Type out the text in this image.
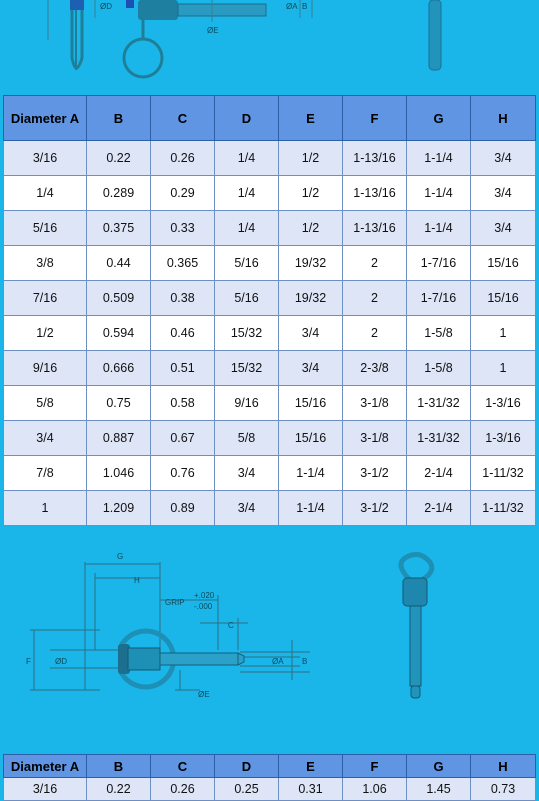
ØD
ØE
ØA B
Diameter A	B	C	D	E	F	G	H
3/16	0.22	0.26	1/4	1/2	1-13/16	1-1/4	3/4
1/4	0.289	0.29	1/4	1/2	1-13/16	1-1/4	3/4
5/16	0.375	0.33	1/4	1/2	1-13/16	1-1/4	3/4
3/8	0.44	0.365	5/16	19/32	2	1-7/16	15/16
7/16	0.509	0.38	5/16	19/32	2	1-7/16	15/16
1/2	0.594	0.46	15/32	3/4	2	1-5/8	1
9/16	0.666	0.51	15/32	3/4	2-3/8	1-5/8	1
5/8	0.75	0.58	9/16	15/16	3-1/8	1-31/32	1-3/16
3/4	0.887	0.67	5/8	15/16	3-1/8	1-31/32	1-3/16
7/8	1.046	0.76	3/4	1-1/4	3-1/2	2-1/4	1-11/32
1	1.209	0.89	3/4	1-1/4	3-1/2	2-1/4	1-11/32
G
H
GRIP
+.020
-.000
C
F	ØD	ØA B
ØE
Diameter A	B	C	D	E	F	G	H
3/16	0.22	0.26	0.25	0.31	1.06	1.45	0.73
